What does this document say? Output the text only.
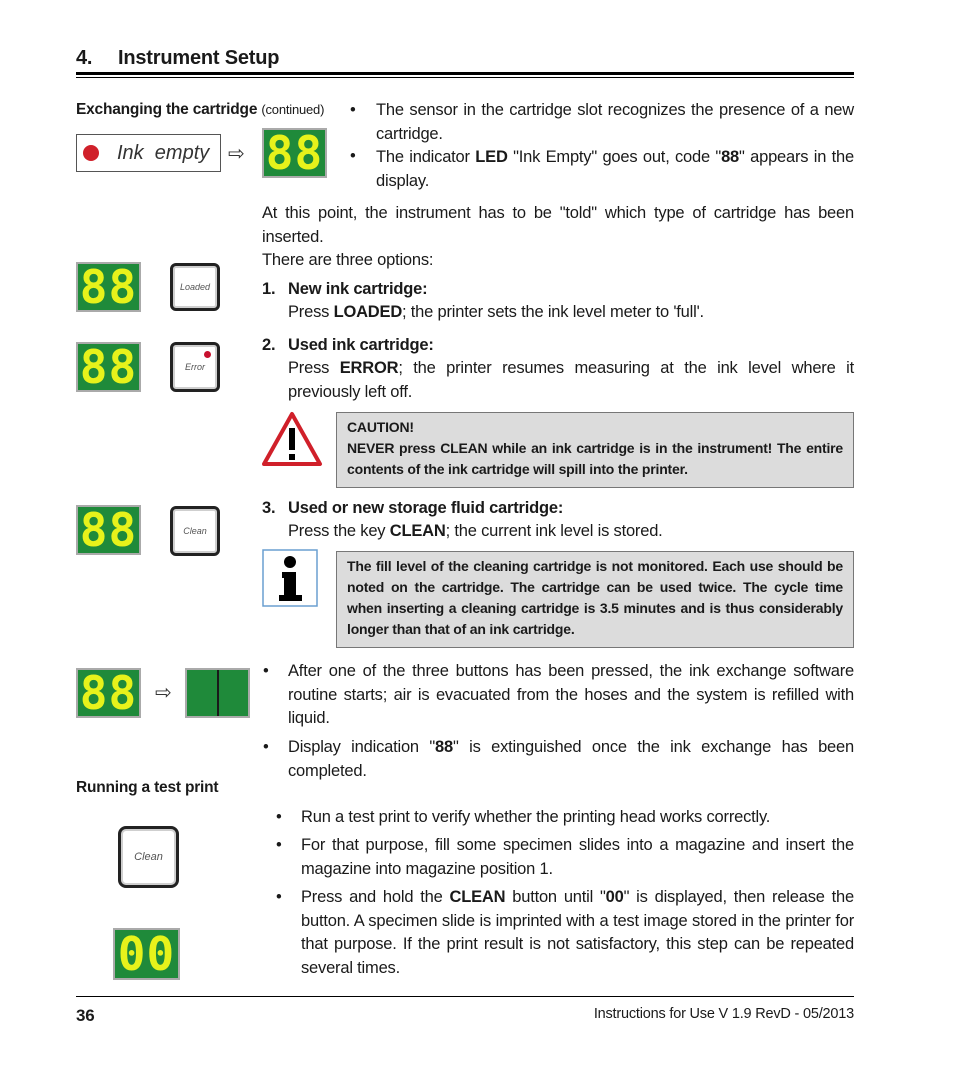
4. Instrument Setup
Exchanging the cartridge (continued) • The sensor in the cartridge slot recognizes the presence of a new cartridge.
• The indicator LED "Ink Empty" goes out, code "88" appears in the display.
Ink  empty ⇨ 88
At this point, the instrument has to be "told" which type of cartridge has been inserted.
There are three options:
88	Loaded	1. New ink cartridge:
Press LOADED; the printer sets the ink level meter to 'full'.
88	Error
2. Used ink cartridge:
Press ERROR; the printer resumes measuring at the ink level where it previously left off.
CAUTION!
NEVER press CLEAN while an ink cartridge is in the instrument! The entire contents of the ink cartridge will spill into the printer.
88	Clean
3. Used or new storage fluid cartridge:
Press the key CLEAN; the current ink level is stored.
The fill level of the cleaning cartridge is not monitored. Each use should be noted on the cartridge. The cartridge can be used twice. The cycle time when inserting a cleaning cartridge is 3.5 minutes and is thus considerably longer than that of an ink cartridge.
88 ⇨
• After one of the three buttons has been pressed, the ink exchange software routine starts; air is evacuated from the hoses and the system is refilled with liquid.
• Display indication "88" is extinguished once the ink exchange has been completed.
Running a test print
Clean
00
• Run a test print to verify whether the printing head works correctly.
• For that purpose, fill some specimen slides into a magazine and insert the magazine into magazine position 1.
• Press and hold the CLEAN button until "00" is displayed, then release the button. A specimen slide is imprinted with a test image stored in the printer for that purpose. If the print result is not satisfactory, this step can be repeated several times.
36	Instructions for Use V 1.9 RevD - 05/2013
